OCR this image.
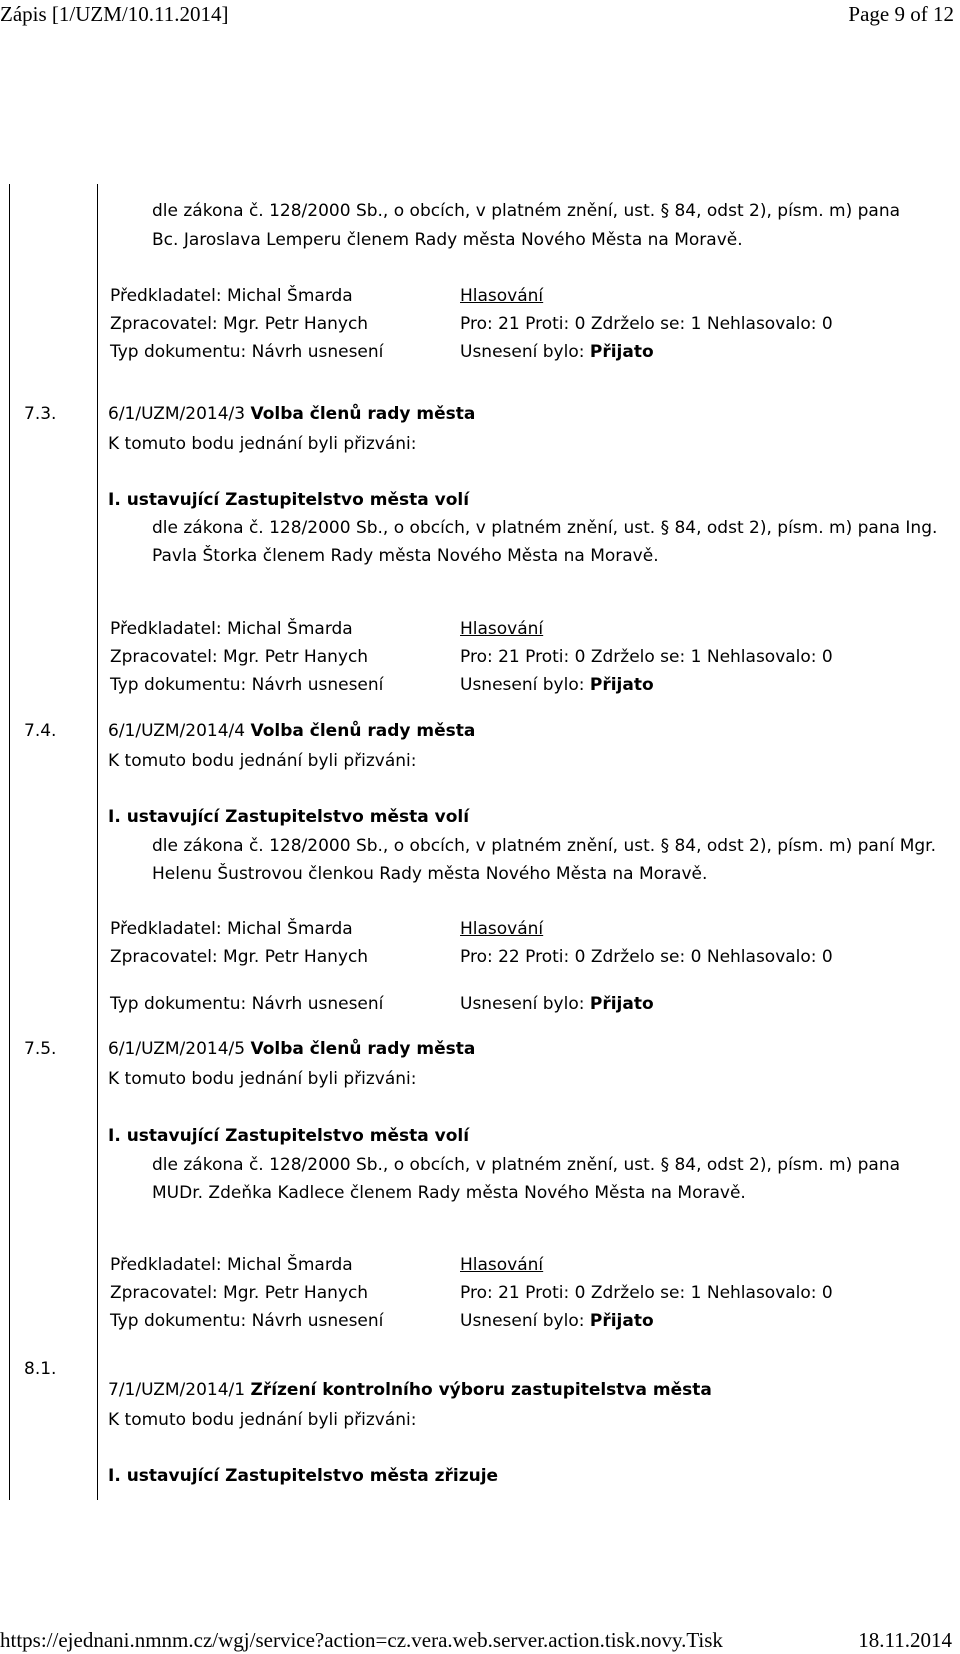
Zápis [1/UZM/10.11.2014]	Page 9 of 12
dle zákona č. 128/2000 Sb., o obcích, v platném znění, ust. § 84, odst 2), písm. m) pana
Bc. Jaroslava Lemperu členem Rady města Nového Města na Moravě.
Předkladatel: Michal Šmarda	Hlasování
Zpracovatel: Mgr. Petr Hanych	Pro: 21 Proti: 0 Zdrželo se: 1 Nehlasovalo: 0
Typ dokumentu: Návrh usnesení	Usnesení bylo: Přijato
7.3.	6/1/UZM/2014/3 Volba členů rady města
K tomuto bodu jednání byli přizváni:
I. ustavující Zastupitelstvo města volí
dle zákona č. 128/2000 Sb., o obcích, v platném znění, ust. § 84, odst 2), písm. m) pana Ing.
Pavla Štorka členem Rady města Nového Města na Moravě.
Předkladatel: Michal Šmarda	Hlasování
Zpracovatel: Mgr. Petr Hanych	Pro: 21 Proti: 0 Zdrželo se: 1 Nehlasovalo: 0
Typ dokumentu: Návrh usnesení	Usnesení bylo: Přijato
7.4.	6/1/UZM/2014/4 Volba členů rady města
K tomuto bodu jednání byli přizváni:
I. ustavující Zastupitelstvo města volí
dle zákona č. 128/2000 Sb., o obcích, v platném znění, ust. § 84, odst 2), písm. m) paní Mgr.
Helenu Šustrovou členkou Rady města Nového Města na Moravě.
Předkladatel: Michal Šmarda	Hlasování
Zpracovatel: Mgr. Petr Hanych	Pro: 22 Proti: 0 Zdrželo se: 0 Nehlasovalo: 0
Typ dokumentu: Návrh usnesení	Usnesení bylo: Přijato
7.5.	6/1/UZM/2014/5 Volba členů rady města
K tomuto bodu jednání byli přizváni:
I. ustavující Zastupitelstvo města volí
dle zákona č. 128/2000 Sb., o obcích, v platném znění, ust. § 84, odst 2), písm. m) pana
MUDr. Zdeňka Kadlece členem Rady města Nového Města na Moravě.
Předkladatel: Michal Šmarda	Hlasování
Zpracovatel: Mgr. Petr Hanych	Pro: 21 Proti: 0 Zdrželo se: 1 Nehlasovalo: 0
Typ dokumentu: Návrh usnesení	Usnesení bylo: Přijato
8.1.
7/1/UZM/2014/1 Zřízení kontrolního výboru zastupitelstva města
K tomuto bodu jednání byli přizváni:
I. ustavující Zastupitelstvo města zřizuje
https://ejednani.nmnm.cz/wgj/service?action=cz.vera.web.server.action.tisk.novy.Tisk	18.11.2014
